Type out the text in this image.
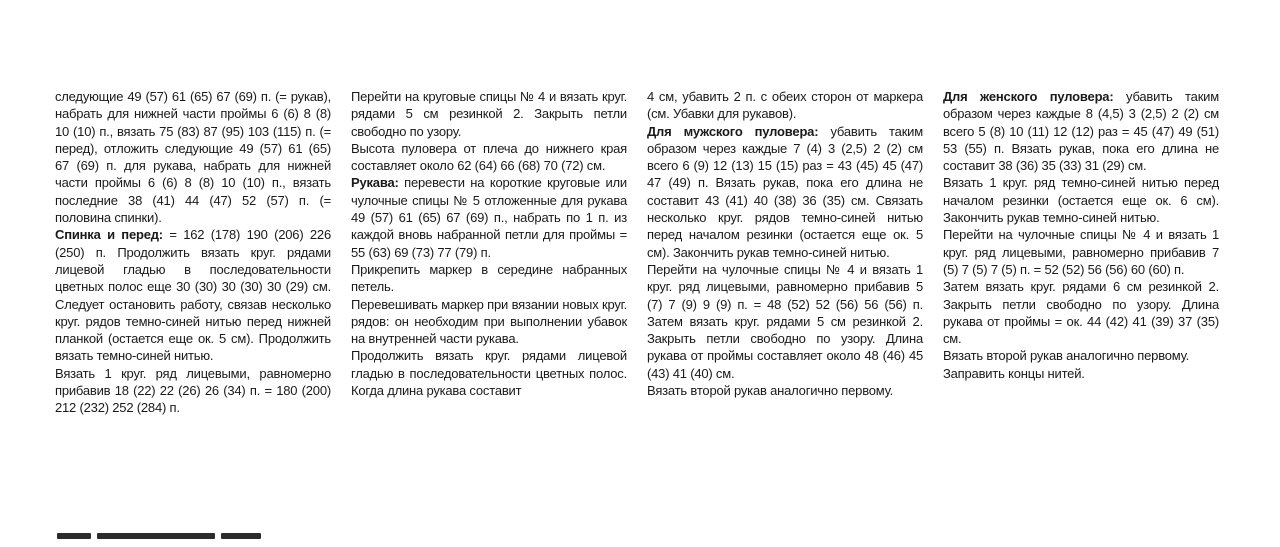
следующие 49 (57) 61 (65) 67 (69) п. (= рукав), набрать для нижней части проймы 6 (6) 8 (8) 10 (10) п., вязать 75 (83) 87 (95) 103 (115) п. (= перед), отложить следующие 49 (57) 61 (65) 67 (69) п. для рукава, набрать для нижней части проймы 6 (6) 8 (8) 10 (10) п., вязать последние 38 (41) 44 (47) 52 (57) п. (= половина спинки).

Спинка и перед: = 162 (178) 190 (206) 226 (250) п. Продолжить вязать круг. рядами лицевой гладью в последовательности цветных полос еще 30 (30) 30 (30) 30 (29) см. Следует остановить работу, связав несколько круг. рядов темно-синей нитью перед нижней планкой (остается еще ок. 5 см). Продолжить вязать темно-синей нитью.

Вязать 1 круг. ряд лицевыми, равномерно прибавив 18 (22) 22 (26) 26 (34) п. = 180 (200) 212 (232) 252 (284) п.

Перейти на круговые спицы № 4 и вязать круг. рядами 5 см резинкой 2. Закрыть петли свободно по узору.

Высота пуловера от плеча до нижнего края составляет около 62 (64) 66 (68) 70 (72) см.

Рукава: перевести на короткие круговые или чулочные спицы № 5 отложенные для рукава 49 (57) 61 (65) 67 (69) п., набрать по 1 п. из каждой вновь набранной петли для проймы = 55 (63) 69 (73) 77 (79) п.

Прикрепить маркер в середине набранных петель.

Перевешивать маркер при вязании новых круг. рядов: он необходим при выполнении убавок на внутренней части рукава.

Продолжить вязать круг. рядами лицевой гладью в последовательности цветных полос. Когда длина рукава составит

4 см, убавить 2 п. с обеих сторон от маркера (см. Убавки для рукавов).

Для мужского пуловера: убавить таким образом через каждые 7 (4) 3 (2,5) 2 (2) см всего 6 (9) 12 (13) 15 (15) раз = 43 (45) 45 (47) 47 (49) п. Вязать рукав, пока его длина не составит 43 (41) 40 (38) 36 (35) см. Связать несколько круг. рядов темно-синей нитью перед началом резинки (остается еще ок. 5 см). Закончить рукав темно-синей нитью.

Перейти на чулочные спицы № 4 и вязать 1 круг. ряд лицевыми, равномерно прибавив 5 (7) 7 (9) 9 (9) п. = 48 (52) 52 (56) 56 (56) п. Затем вязать круг. рядами 5 см резинкой 2. Закрыть петли свободно по узору. Длина рукава от проймы составляет около 48 (46) 45 (43) 41 (40) см.

Вязать второй рукав аналогично первому.

Для женского пуловера: убавить таким образом через каждые 8 (4,5) 3 (2,5) 2 (2) см всего 5 (8) 10 (11) 12 (12) раз = 45 (47) 49 (51) 53 (55) п. Вязать рукав, пока его длина не составит 38 (36) 35 (33) 31 (29) см.

Вязать 1 круг. ряд темно-синей нитью перед началом резинки (остается еще ок. 6 см). Закончить рукав темно-синей нитью.

Перейти на чулочные спицы № 4 и вязать 1 круг. ряд лицевыми, равномерно прибавив 7 (5) 7 (5) 7 (5) п. = 52 (52) 56 (56) 60 (60) п.

Затем вязать круг. рядами 6 см резинкой 2. Закрыть петли свободно по узору. Длина рукава от проймы = ок. 44 (42) 41 (39) 37 (35) см.

Вязать второй рукав аналогично первому.

Заправить концы нитей.
